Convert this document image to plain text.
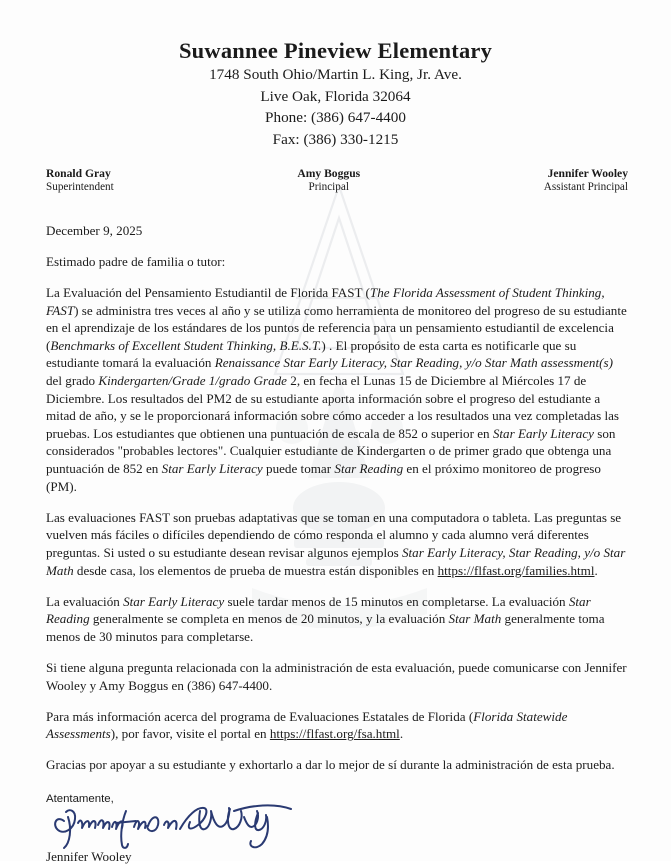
Suwannee Pineview Elementary
1748 South Ohio/Martin L. King, Jr. Ave.
Live Oak, Florida 32064
Phone: (386) 647-4400
Fax: (386) 330-1215
Ronald Gray
Superintendent
Amy Boggus
Principal
Jennifer Wooley
Assistant Principal

December 9, 2025

Estimado padre de familia o tutor:

La Evaluación del Pensamiento Estudiantil de Florida FAST (The Florida Assessment of Student Thinking, FAST) se administra tres veces al año y se utiliza como herramienta de monitoreo del progreso de su estudiante en el aprendizaje de los estándares de los puntos de referencia para un pensamiento estudiantil de excelencia (Benchmarks of Excellent Student Thinking, B.E.S.T.) . El propósito de esta carta es notificarle que su estudiante tomará la evaluación Renaissance Star Early Literacy, Star Reading, y/o Star Math assessment(s) del grado Kindergarten/Grade 1/grado Grade 2, en fecha el Lunas 15 de Diciembre al Miércoles 17 de Diciembre. Los resultados del PM2 de su estudiante aporta información sobre el progreso del estudiante a mitad de año, y se le proporcionará información sobre cómo acceder a los resultados una vez completadas las pruebas. Los estudiantes que obtienen una puntuación de escala de 852 o superior en Star Early Literacy son considerados "probables lectores". Cualquier estudiante de Kindergarten o de primer grado que obtenga una puntuación de 852 en Star Early Literacy puede tomar Star Reading en el próximo monitoreo de progreso (PM).

Las evaluaciones FAST son pruebas adaptativas que se toman en una computadora o tableta. Las preguntas se vuelven más fáciles o difíciles dependiendo de cómo responda el alumno y cada alumno verá diferentes preguntas. Si usted o su estudiante desean revisar algunos ejemplos Star Early Literacy, Star Reading, y/o Star Math desde casa, los elementos de prueba de muestra están disponibles en https://flfast.org/families.html.

La evaluación Star Early Literacy suele tardar menos de 15 minutos en completarse. La evaluación Star Reading generalmente se completa en menos de 20 minutos, y la evaluación Star Math generalmente toma menos de 30 minutos para completarse.

Si tiene alguna pregunta relacionada con la administración de esta evaluación, puede comunicarse con Jennifer Wooley y Amy Boggus en (386) 647-4400.

Para más información acerca del programa de Evaluaciones Estatales de Florida (Florida Statewide Assessments), por favor, visite el portal en https://flfast.org/fsa.html.

Gracias por apoyar a su estudiante y exhortarlo a dar lo mejor de sí durante la administración de esta prueba.

Atentamente,
Jennifer Wooley
